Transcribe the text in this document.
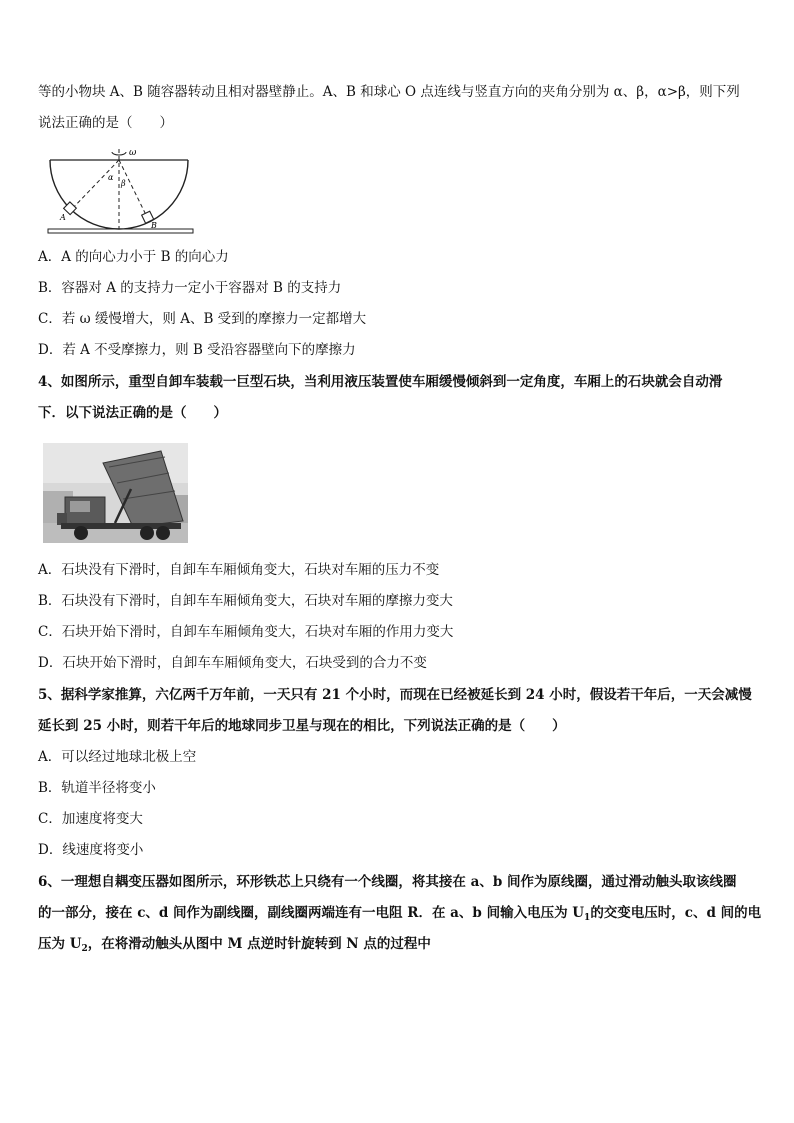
等的小物块 A、B 随容器转动且相对器壁静止。A、B 和球心 O 点连线与竖直方向的夹角分别为 α、β，α>β，则下列
说法正确的是（　　）
ω
α
β
A
B
A．A 的向心力小于 B 的向心力
B．容器对 A 的支持力一定小于容器对 B 的支持力
C．若 ω 缓慢增大，则 A、B 受到的摩擦力一定都增大
D．若 A 不受摩擦力，则 B 受沿容器壁向下的摩擦力
4、如图所示，重型自卸车装载一巨型石块，当利用液压装置使车厢缓慢倾斜到一定角度，车厢上的石块就会自动滑
下．以下说法正确的是（　　）
A．石块没有下滑时，自卸车车厢倾角变大，石块对车厢的压力不变
B．石块没有下滑时，自卸车车厢倾角变大，石块对车厢的摩擦力变大
C．石块开始下滑时，自卸车车厢倾角变大，石块对车厢的作用力变大
D．石块开始下滑时，自卸车车厢倾角变大，石块受到的合力不变
5、据科学家推算，六亿两千万年前，一天只有 21 个小时，而现在已经被延长到 24 小时，假设若干年后，一天会减慢
延长到 25 小时，则若干年后的地球同步卫星与现在的相比，下列说法正确的是（　　）
A．可以经过地球北极上空
B．轨道半径将变小
C．加速度将变大
D．线速度将变小
6、一理想自耦变压器如图所示，环形铁芯上只绕有一个线圈，将其接在 a、b 间作为原线圈，通过滑动触头取该线圈
的一部分，接在 c、d 间作为副线圈，副线圈两端连有一电阻 R．在 a、b 间输入电压为 $U_1$的交变电压时，c、d 间的电
压为 $U_2$，在将滑动触头从图中 M 点逆时针旋转到 N 点的过程中
